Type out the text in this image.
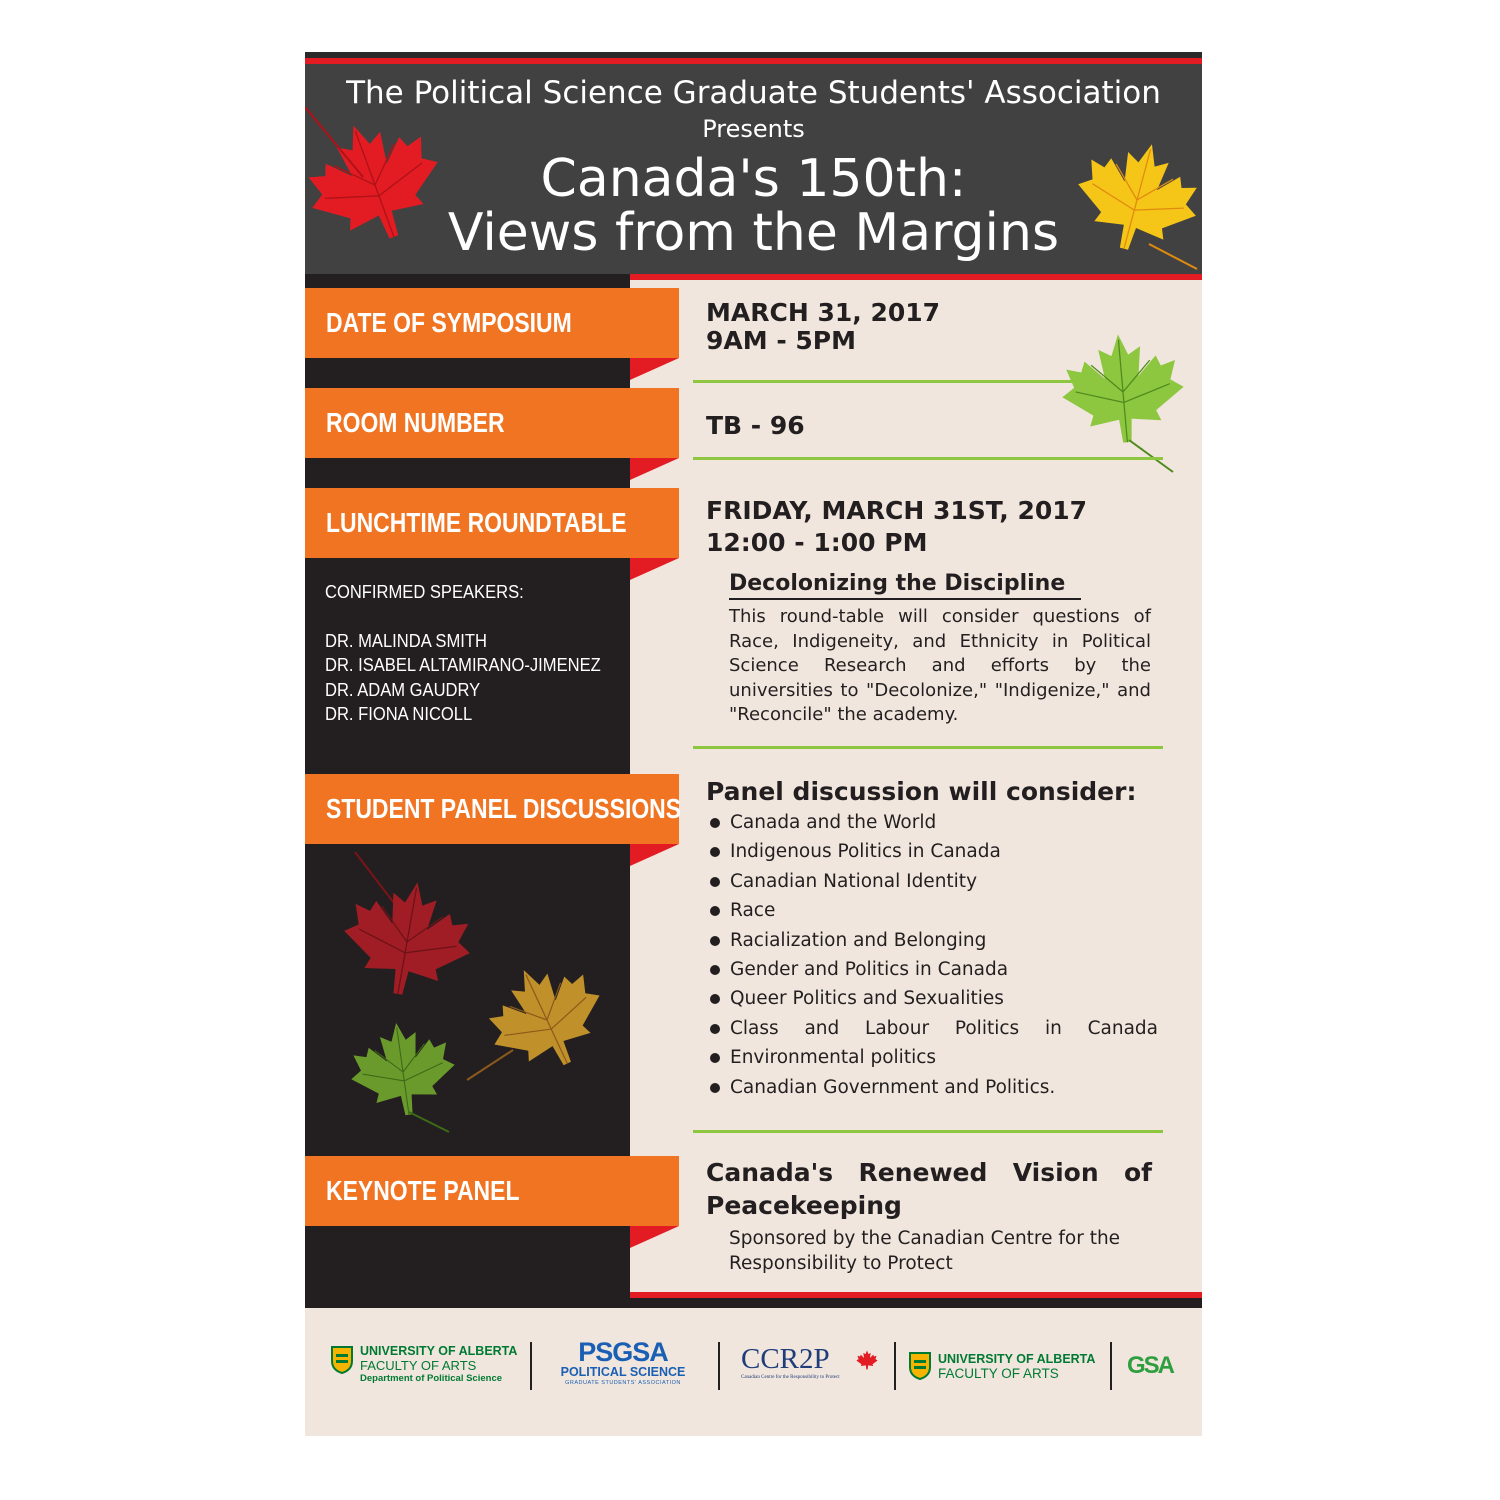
The Political Science Graduate Students' Association
Presents
Canada's 150th:
Views from the Margins
DATE OF SYMPOSIUM
ROOM NUMBER
LUNCHTIME ROUNDTABLE
STUDENT PANEL DISCUSSIONS
KEYNOTE PANEL
CONFIRMED SPEAKERS:
DR. MALINDA SMITH
DR. ISABEL ALTAMIRANO-JIMENEZ
DR. ADAM GAUDRY
DR. FIONA NICOLL
MARCH 31, 2017
9AM - 5PM
TB - 96
FRIDAY, MARCH 31ST, 2017
12:00 - 1:00 PM
Decolonizing the Discipline
This round-table will consider questions of Race, Indigeneity, and Ethnicity in Political Science Research and efforts by the universities to "Decolonize," "Indigenize," and "Reconcile" the academy.
Panel discussion will consider:
Canada and the World
Indigenous Politics in Canada
Canadian National Identity
Race
Racialization and Belonging
Gender and Politics in Canada
Queer Politics and Sexualities
Class and Labour Politics in Canada
Environmental politics
Canadian Government and Politics.
Canada's Renewed Vision of Peacekeeping
Sponsored by the Canadian Centre for the Responsibility to Protect
UNIVERSITY OF ALBERTA
FACULTY OF ARTS
Department of Political Science
PSGSA
POLITICAL SCIENCE
GRADUATE STUDENTS' ASSOCIATION
CCR2P
Canadian Centre for the Responsibility to Protect
UNIVERSITY OF ALBERTA
FACULTY OF ARTS	GSA
